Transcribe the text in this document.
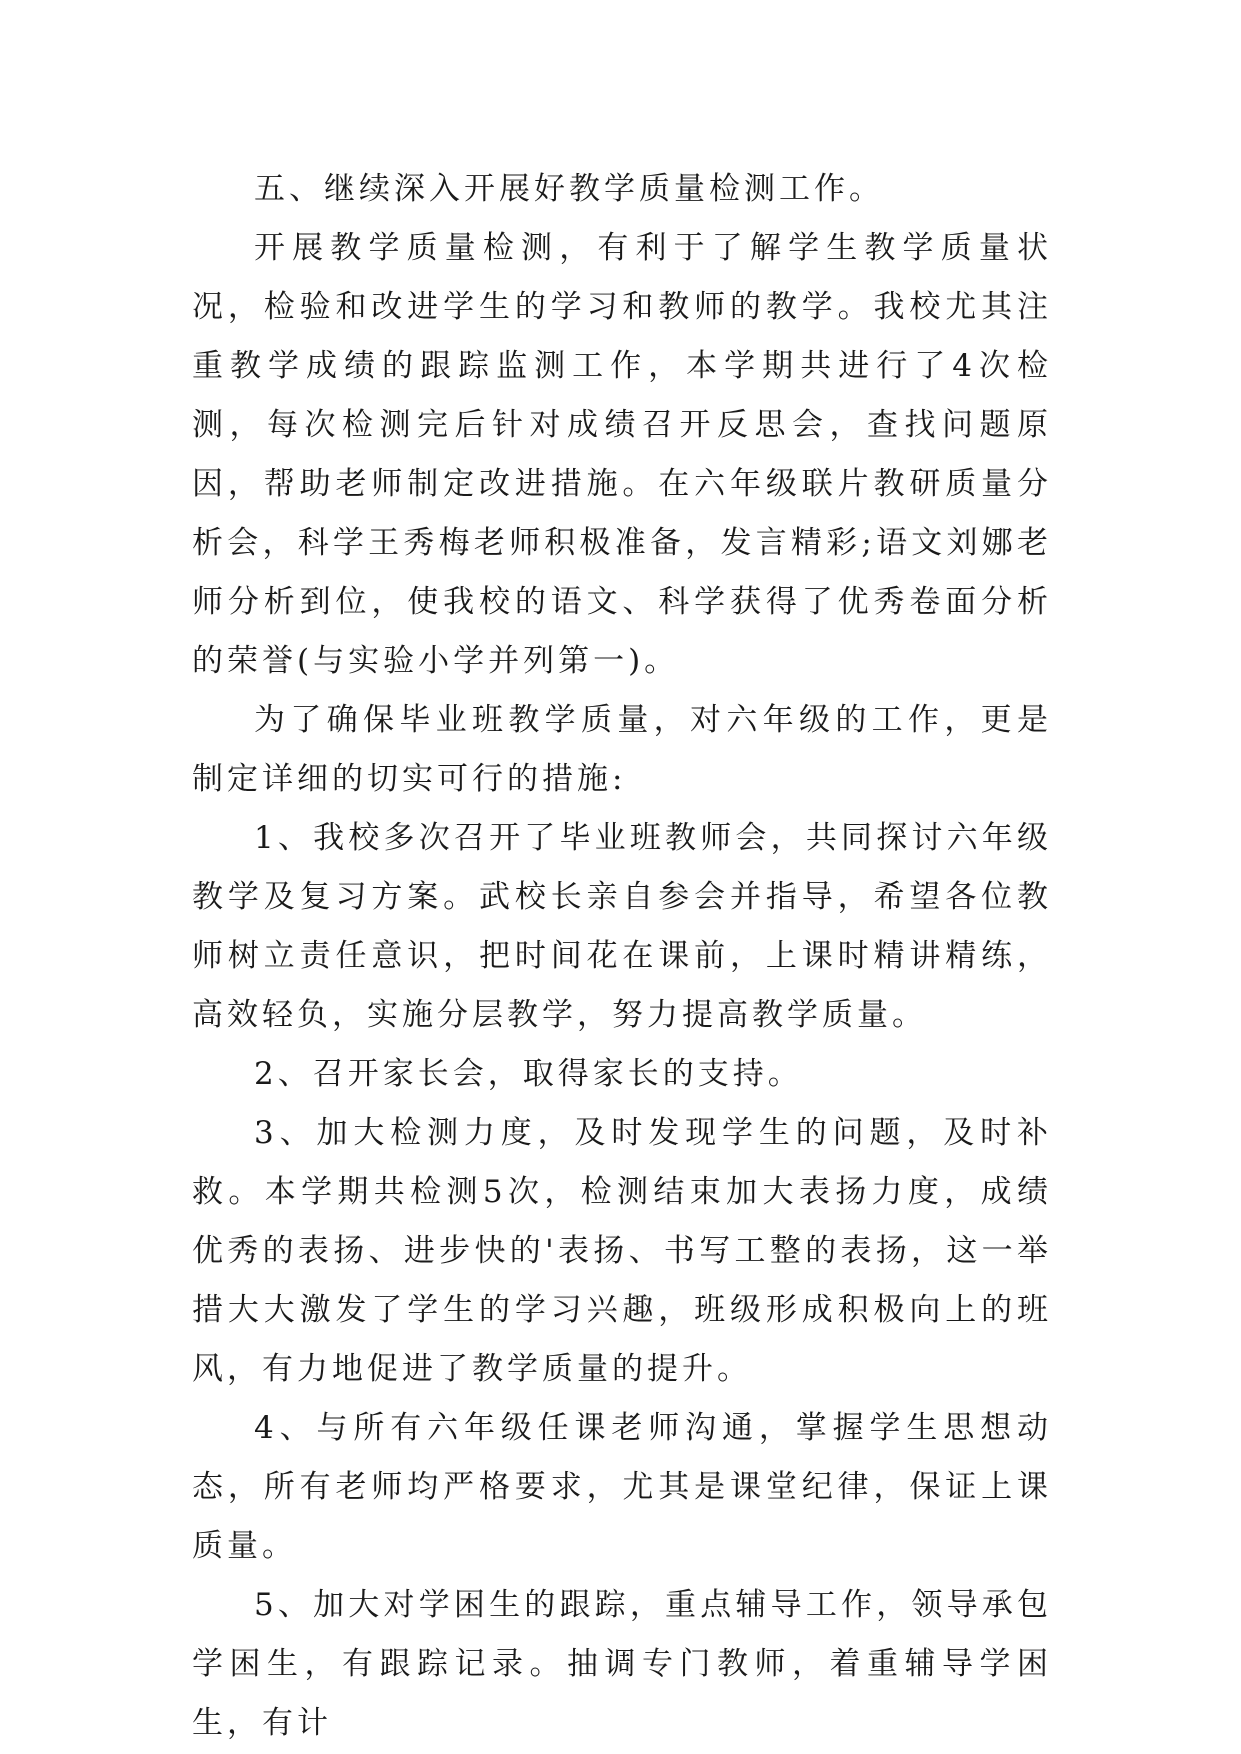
五、继续深入开展好教学质量检测工作。

开展教学质量检测，有利于了解学生教学质量状况，检验和改进学生的学习和教师的教学。我校尤其注重教学成绩的跟踪监测工作，本学期共进行了4次检测，每次检测完后针对成绩召开反思会，查找问题原因，帮助老师制定改进措施。在六年级联片教研质量分析会，科学王秀梅老师积极准备，发言精彩;语文刘娜老师分析到位，使我校的语文、科学获得了优秀卷面分析的荣誉(与实验小学并列第一)。

为了确保毕业班教学质量，对六年级的工作，更是制定详细的切实可行的措施:

1、我校多次召开了毕业班教师会，共同探讨六年级教学及复习方案。武校长亲自参会并指导，希望各位教师树立责任意识，把时间花在课前，上课时精讲精练，高效轻负，实施分层教学，努力提高教学质量。

2、召开家长会，取得家长的支持。

3、加大检测力度，及时发现学生的问题，及时补救。本学期共检测5次，检测结束加大表扬力度，成绩优秀的表扬、进步快的'表扬、书写工整的表扬，这一举措大大激发了学生的学习兴趣，班级形成积极向上的班风，有力地促进了教学质量的提升。

4、与所有六年级任课老师沟通，掌握学生思想动态，所有老师均严格要求，尤其是课堂纪律，保证上课质量。

5、加大对学困生的跟踪，重点辅导工作，领导承包学困生，有跟踪记录。抽调专门教师，着重辅导学困生，有计
